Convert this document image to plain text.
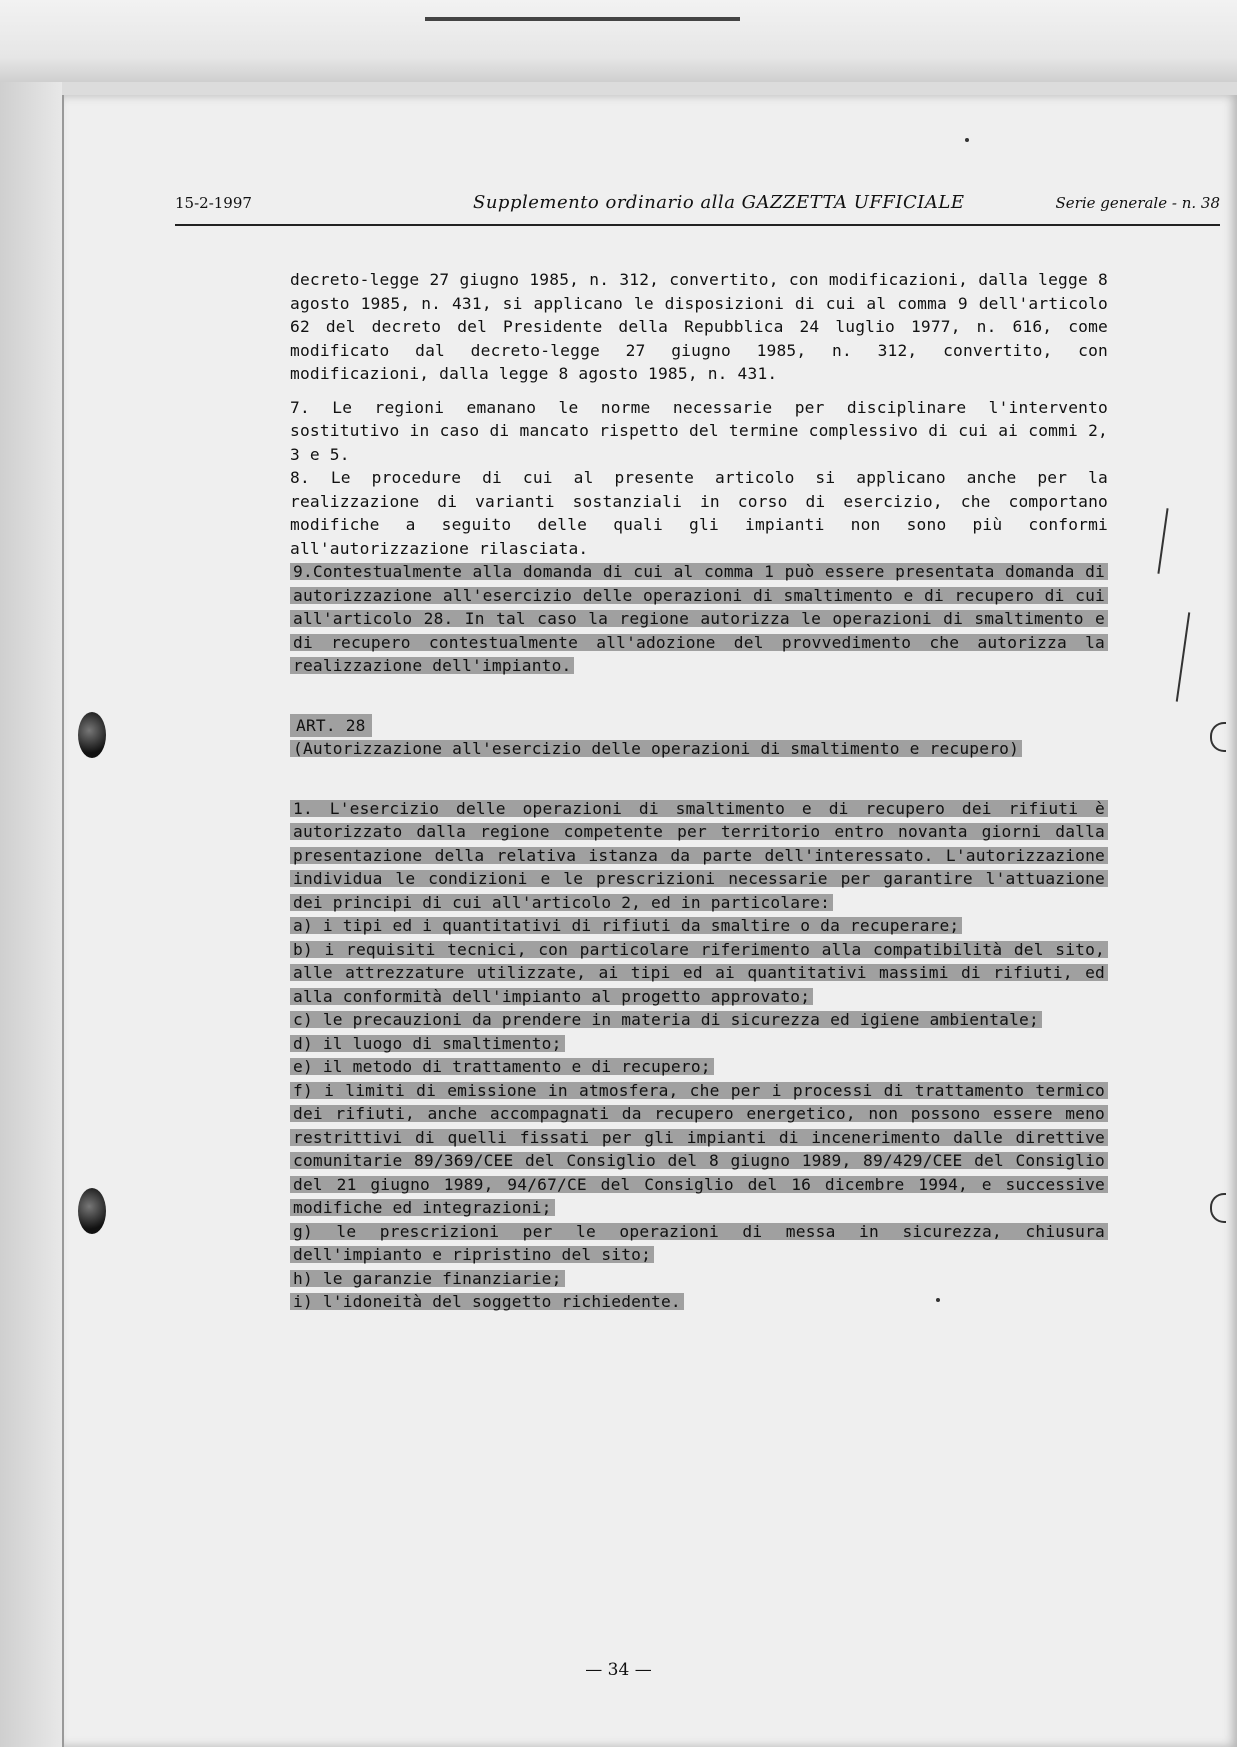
15-2-1997	Supplemento ordinario alla GAZZETTA UFFICIALE	Serie generale - n. 38

decreto-legge 27 giugno 1985, n. 312, convertito, con modificazioni, dalla legge 8 agosto 1985, n. 431, si applicano le disposizioni di cui al comma 9 dell'articolo 62 del decreto del Presidente della Repubblica 24 luglio 1977, n. 616, come modificato dal decreto-legge 27 giugno 1985, n. 312, convertito, con modificazioni, dalla legge 8 agosto 1985, n. 431.

7. Le regioni emanano le norme necessarie per disciplinare l'intervento sostitutivo in caso di mancato rispetto del termine complessivo di cui ai commi 2, 3 e 5.

8. Le procedure di cui al presente articolo si applicano anche per la realizzazione di varianti sostanziali in corso di esercizio, che comportano modifiche a seguito delle quali gli impianti non sono più conformi all'autorizzazione rilasciata.

9.Contestualmente alla domanda di cui al comma 1 può essere presentata domanda di autorizzazione all'esercizio delle operazioni di smaltimento e di recupero di cui all'articolo 28. In tal caso la regione autorizza le operazioni di smaltimento e di recupero contestualmente all'adozione del provvedimento che autorizza la realizzazione dell'impianto.

ART. 28

(Autorizzazione all'esercizio delle operazioni di smaltimento e recupero)

1. L'esercizio delle operazioni di smaltimento e di recupero dei rifiuti è autorizzato dalla regione competente per territorio entro novanta giorni dalla presentazione della relativa istanza da parte dell'interessato. L'autorizzazione individua le condizioni e le prescrizioni necessarie per garantire l'attuazione dei principi di cui all'articolo 2, ed in particolare:

a) i tipi ed i quantitativi di rifiuti da smaltire o da recuperare;

b) i requisiti tecnici, con particolare riferimento alla compatibilità del sito, alle attrezzature utilizzate, ai tipi ed ai quantitativi massimi di rifiuti, ed alla conformità dell'impianto al progetto approvato;

c) le precauzioni da prendere in materia di sicurezza ed igiene ambientale;

d) il luogo di smaltimento;

e) il metodo di trattamento e di recupero;

f) i limiti di emissione in atmosfera, che per i processi di trattamento termico dei rifiuti, anche accompagnati da recupero energetico, non possono essere meno restrittivi di quelli fissati per gli impianti di incenerimento dalle direttive comunitarie 89/369/CEE del Consiglio del 8 giugno 1989, 89/429/CEE del Consiglio del 21 giugno 1989, 94/67/CE del Consiglio del 16 dicembre 1994, e successive modifiche ed integrazioni;

g) le prescrizioni per le operazioni di messa in sicurezza, chiusura dell'impianto e ripristino del sito;

h) le garanzie finanziarie;

i) l'idoneità del soggetto richiedente.

— 34 —
